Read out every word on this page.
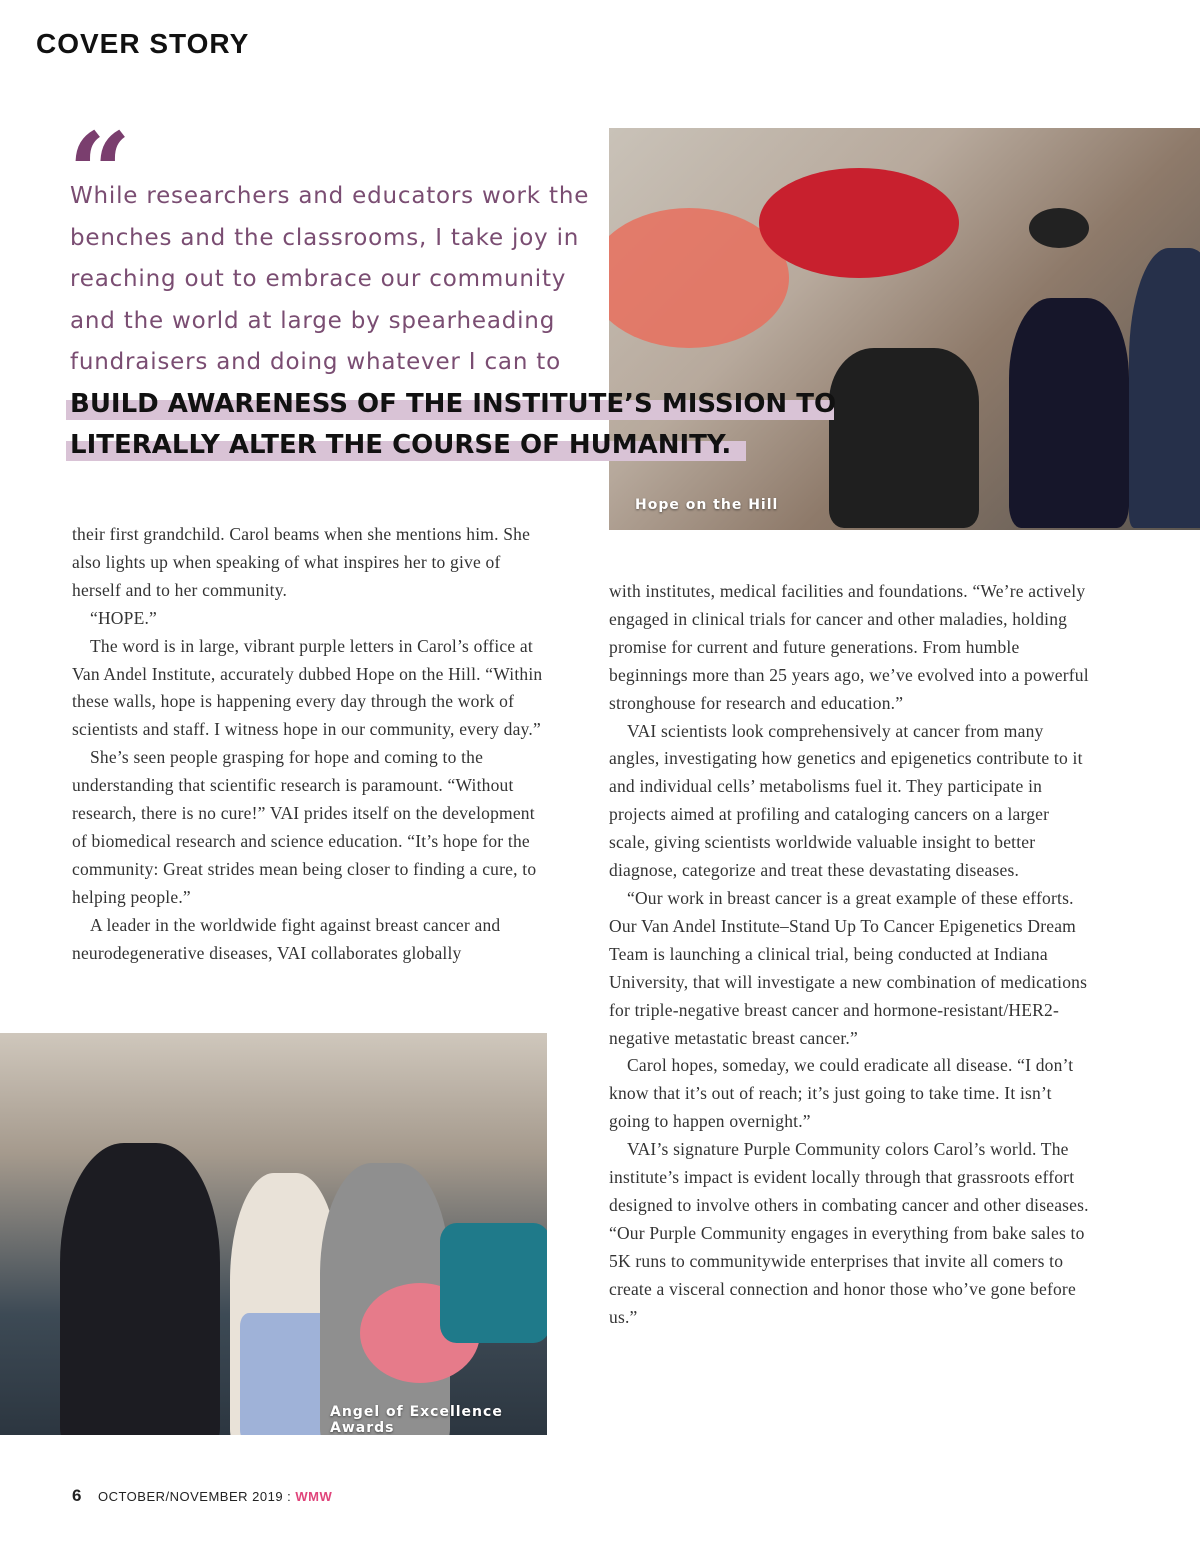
COVER STORY
Hope on the Hill
Angel of Excellence Awards
“

While researchers and educators work the benches and the classrooms, I take joy in reaching out to embrace our community and the world at large by spearheading fundraisers and doing whatever I can to

BUILD AWARENESS OF THE INSTITUTE’S MISSION TO
LITERALLY ALTER THE COURSE OF HUMANITY.

their first grandchild. Carol beams when she mentions him. She also lights up when speaking of what inspires her to give of herself and to her community.

“HOPE.”

The word is in large, vibrant purple letters in Carol’s office at Van Andel Institute, accurately dubbed Hope on the Hill. “Within these walls, hope is happening every day through the work of scientists and staff. I witness hope in our community, every day.”

She’s seen people grasping for hope and coming to the understanding that scientific research is paramount. “Without research, there is no cure!” VAI prides itself on the development of biomedical research and science education. “It’s hope for the community: Great strides mean being closer to finding a cure, to helping people.”

A leader in the worldwide fight against breast cancer and neurodegenerative diseases, VAI collaborates globally

with institutes, medical facilities and foundations. “We’re actively engaged in clinical trials for cancer and other maladies, holding promise for current and future generations. From humble beginnings more than 25 years ago, we’ve evolved into a powerful stronghouse for research and education.”

VAI scientists look comprehensively at cancer from many angles, investigating how genetics and epigenetics contribute to it and individual cells’ metabolisms fuel it. They participate in projects aimed at profiling and cataloging cancers on a larger scale, giving scientists worldwide valuable insight to better diagnose, categorize and treat these devastating diseases.

“Our work in breast cancer is a great example of these efforts. Our Van Andel Institute–Stand Up To Cancer Epigenetics Dream Team is launching a clinical trial, being conducted at Indiana University, that will investigate a new combination of medications for triple-negative breast cancer and hormone-resistant/HER2-negative metastatic breast cancer.”

Carol hopes, someday, we could eradicate all disease. “I don’t know that it’s out of reach; it’s just going to take time. It isn’t going to happen overnight.”

VAI’s signature Purple Community colors Carol’s world. The institute’s impact is evident locally through that grassroots effort designed to involve others in combating cancer and other diseases. “Our Purple Community engages in everything from bake sales to 5K runs to communitywide enterprises that invite all comers to create a visceral connection and honor those who’ve gone before us.”

6 OCTOBER/NOVEMBER 2019 : WMW
